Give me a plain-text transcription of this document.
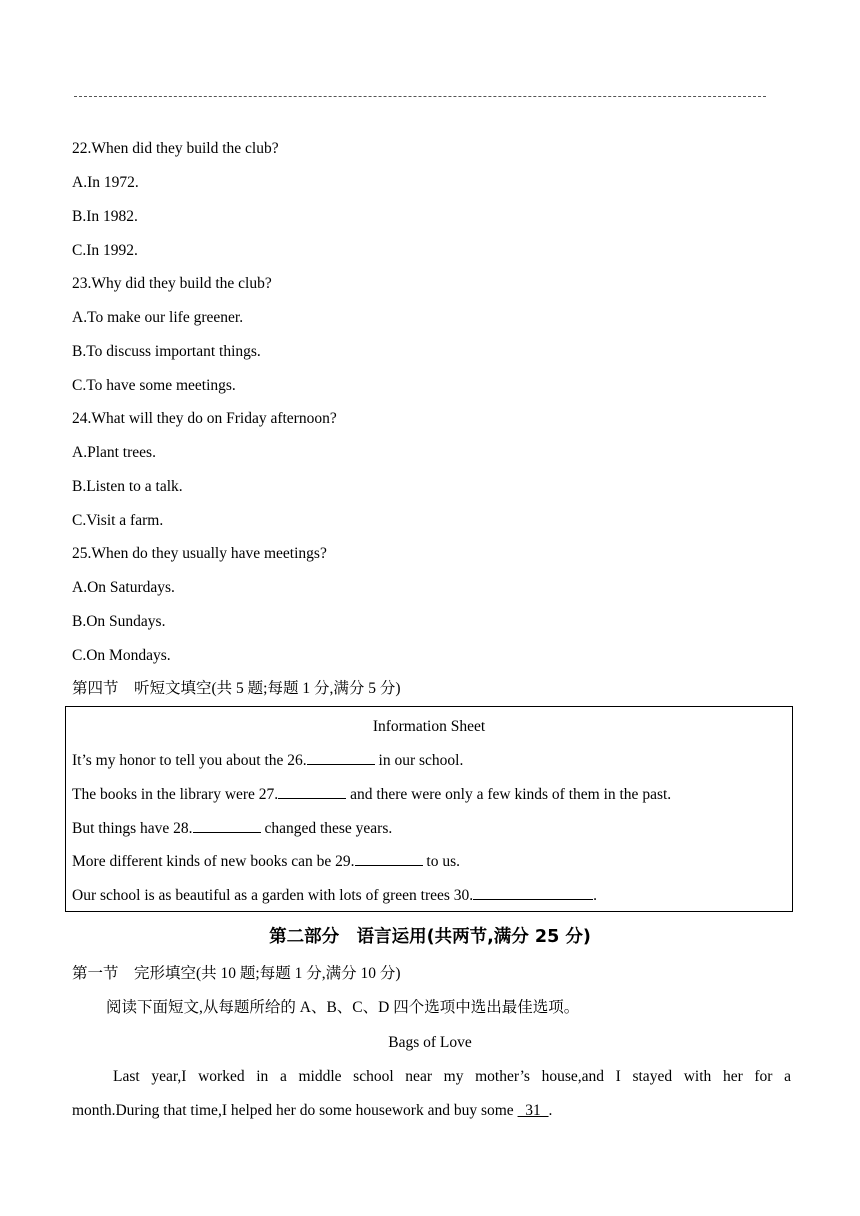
22.When did they build the club?
A.In 1972.
B.In 1982.
C.In 1992.
23.Why did they build the club?
A.To make our life greener.
B.To discuss important things.
C.To have some meetings.
24.What will they do on Friday afternoon?
A.Plant trees.
B.Listen to a talk.
C.Visit a farm.
25.When do they usually have meetings?
A.On Saturdays.
B.On Sundays.
C.On Mondays.
第四节　听短文填空(共 5 题;每题 1 分,满分 5 分)
Information Sheet
It’s my honor to tell you about the 26.	in our school.
The books in the library were 27.	and there were only a few kinds of them in the past.
But things have 28.	changed these years.
More different kinds of new books can be 29.	to us.
Our school is as beautiful as a garden with lots of green trees 30.	.
第二部分　语言运用(共两节,满分 25 分)
第一节　完形填空(共 10 题;每题 1 分,满分 10 分)
阅读下面短文,从每题所给的 A、B、C、D 四个选项中选出最佳选项。
Bags of Love
Last year,I worked in a middle school near my mother’s house,and I stayed with her for a
month.During that time,I helped her do some housework and buy some   31  .
